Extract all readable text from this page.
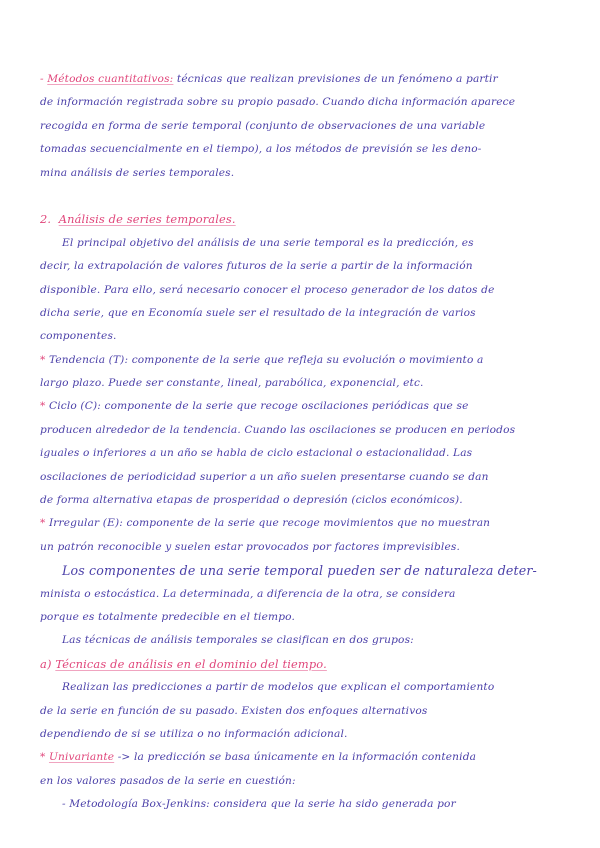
- Métodos cuantitativos: técnicas que realizan previsiones de un fenómeno a partir
de información registrada sobre su propio pasado. Cuando dicha información aparece
recogida en forma de serie temporal (conjunto de observaciones de una variable
tomadas secuencialmente en el tiempo), a los métodos de previsión se les deno-
mina análisis de series temporales.
2. Análisis de series temporales.
El principal objetivo del análisis de una serie temporal es la predicción, es
decir, la extrapolación de valores futuros de la serie a partir de la información
disponible. Para ello, será necesario conocer el proceso generador de los datos de
dicha serie, que en Economía suele ser el resultado de la integración de varios
componentes.
* Tendencia (T): componente de la serie que refleja su evolución o movimiento a
largo plazo. Puede ser constante, lineal, parabólica, exponencial, etc.
* Ciclo (C): componente de la serie que recoge oscilaciones periódicas que se
producen alrededor de la tendencia. Cuando las oscilaciones se producen en periodos
iguales o inferiores a un año se habla de ciclo estacional o estacionalidad. Las
oscilaciones de periodicidad superior a un año suelen presentarse cuando se dan
de forma alternativa etapas de prosperidad o depresión (ciclos económicos).
* Irregular (E): componente de la serie que recoge movimientos que no muestran
un patrón reconocible y suelen estar provocados por factores imprevisibles.
Los componentes de una serie temporal pueden ser de naturaleza deter-
minista o estocástica. La determinada, a diferencia de la otra, se considera
porque es totalmente predecible en el tiempo.
Las técnicas de análisis temporales se clasifican en dos grupos:
a) Técnicas de análisis en el dominio del tiempo.
Realizan las predicciones a partir de modelos que explican el comportamiento
de la serie en función de su pasado. Existen dos enfoques alternativos
dependiendo de si se utiliza o no información adicional.
* Univariante -> la predicción se basa únicamente en la información contenida
en los valores pasados de la serie en cuestión:
- Metodología Box-Jenkins: considera que la serie ha sido generada por
